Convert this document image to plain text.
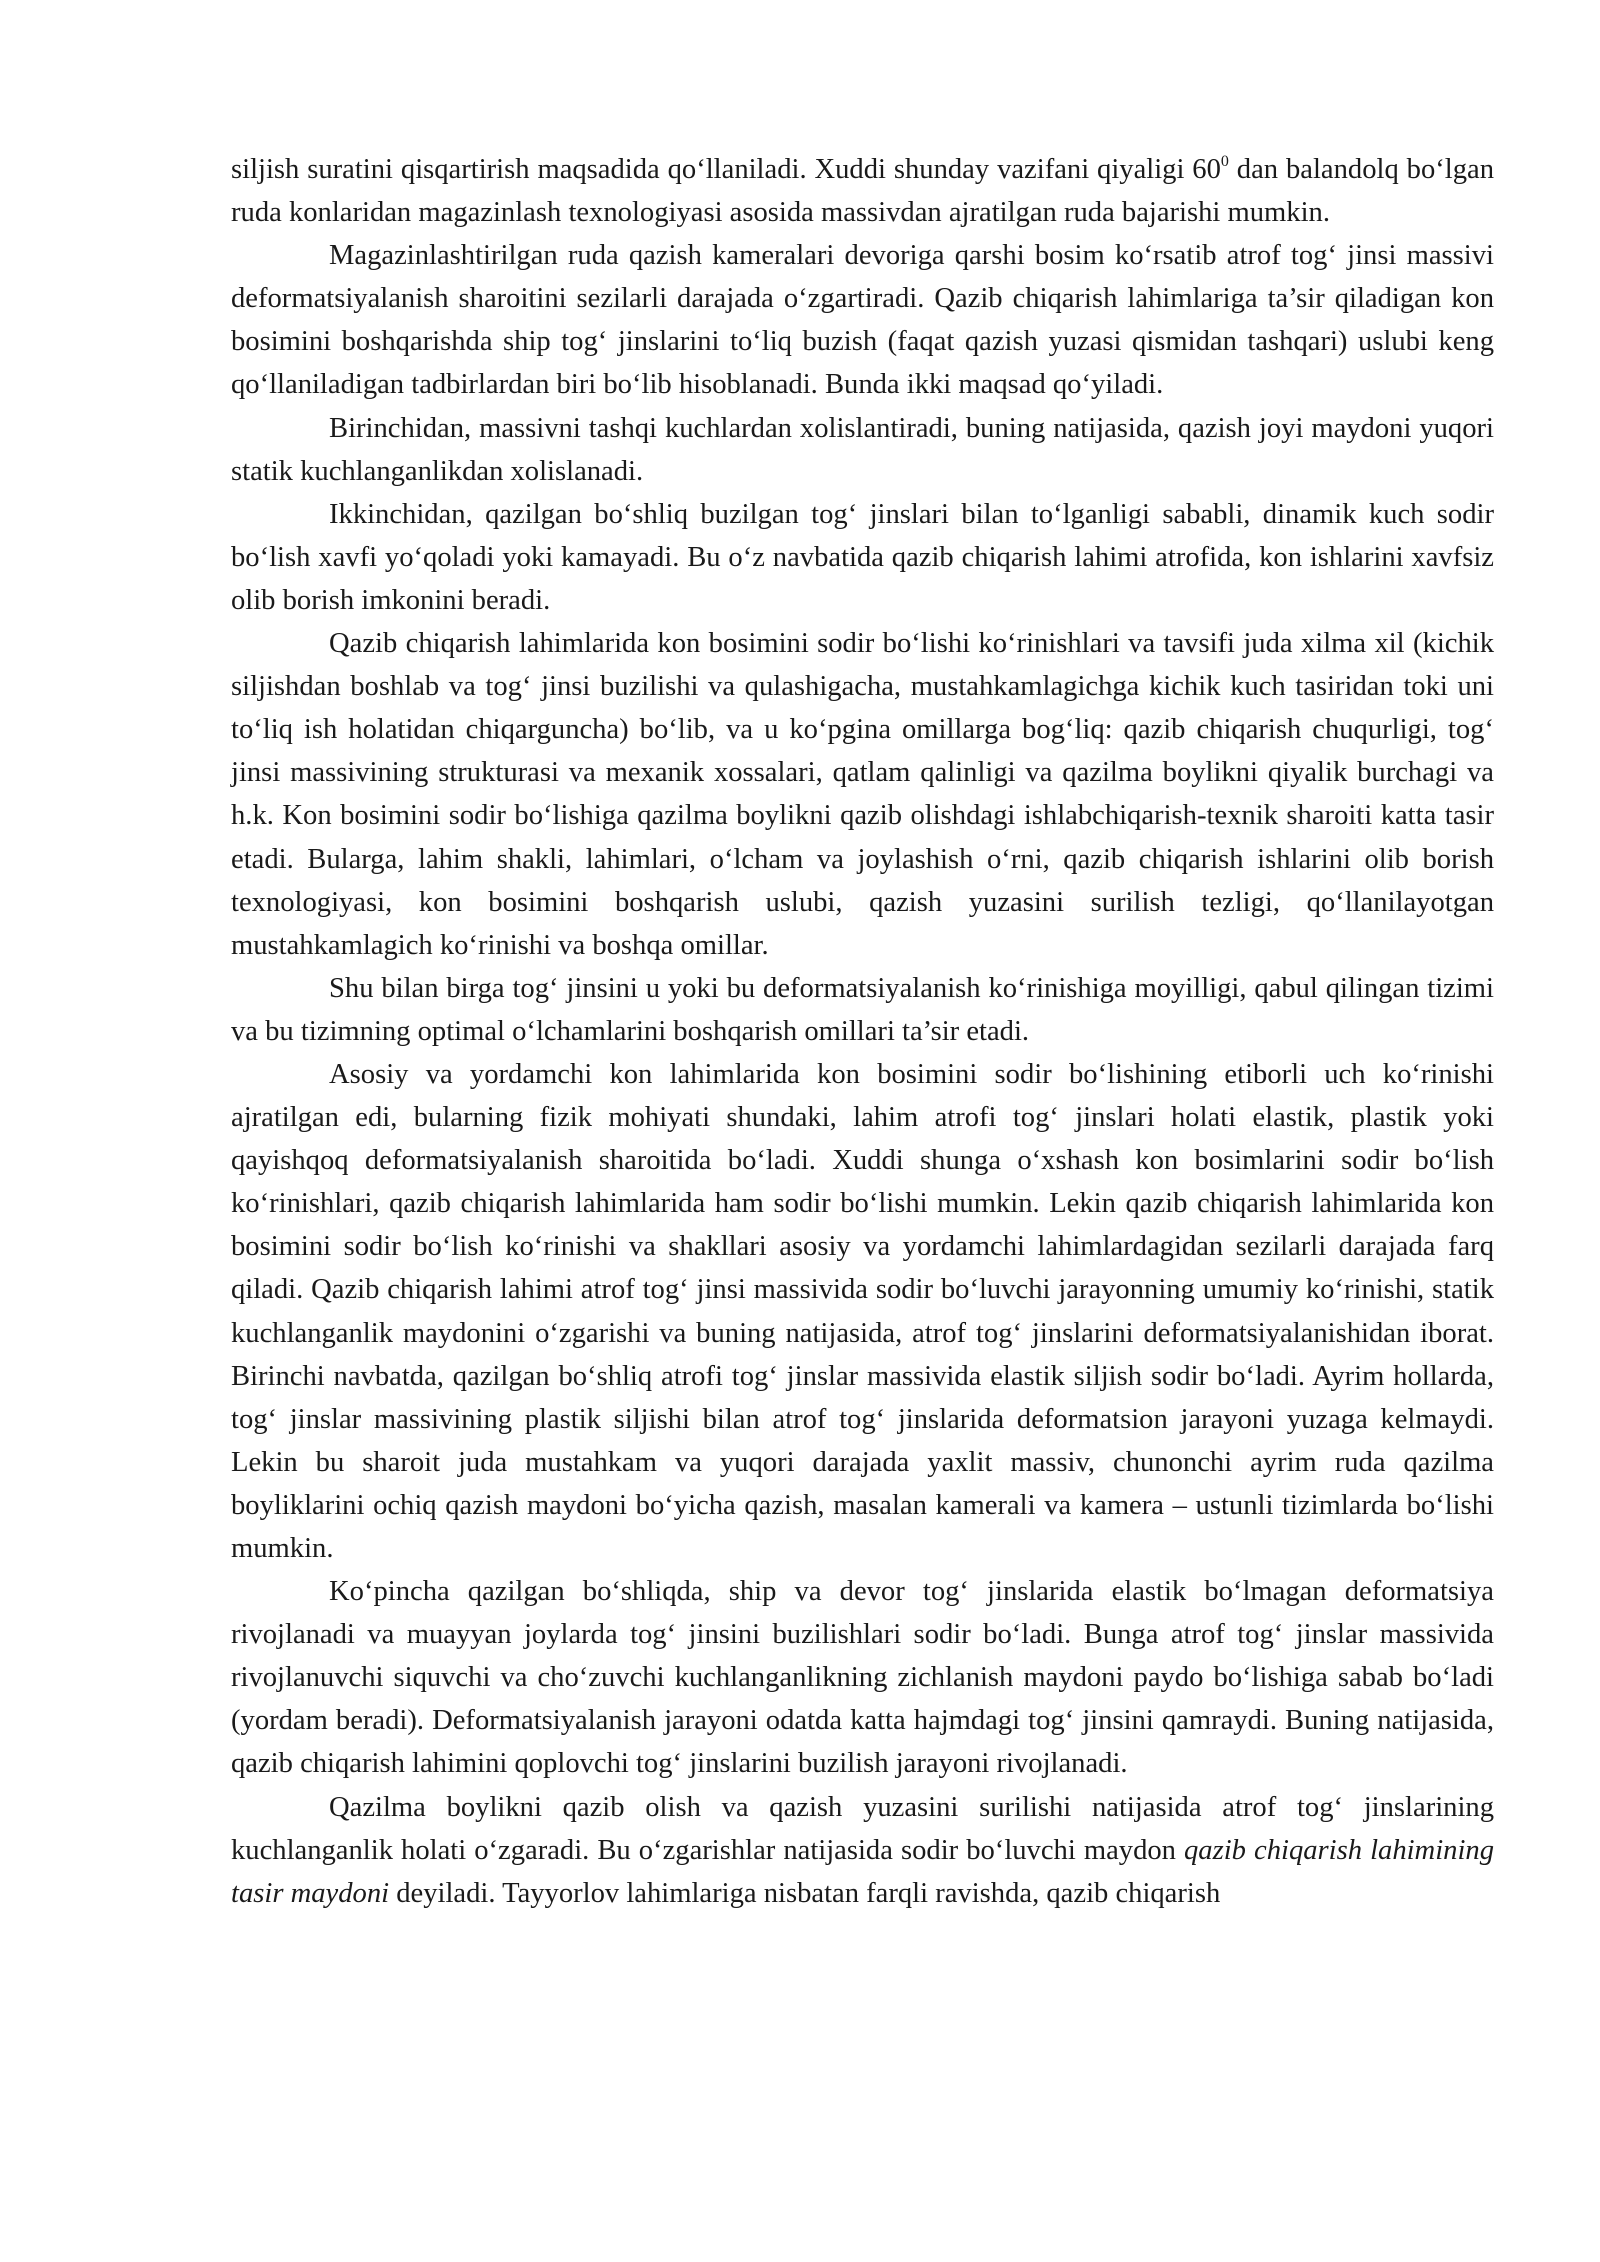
siljish suratini qisqartirish maqsadida qo‘llaniladi. Xuddi shunday vazifani qiyaligi $60^0$ dan balandolq bo‘lgan ruda konlaridan magazinlash texnologiyasi asosida massivdan ajratilgan ruda bajarishi mumkin.

Magazinlashtirilgan ruda qazish kameralari devoriga qarshi bosim ko‘rsatib atrof tog‘ jinsi massivi deformatsiyalanish sharoitini sezilarli darajada o‘zgartiradi. Qazib chiqarish lahimlariga ta’sir qiladigan kon bosimini boshqarishda ship tog‘ jinslarini to‘liq buzish (faqat qazish yuzasi qismidan tashqari) uslubi keng qo‘llaniladigan tadbirlardan biri bo‘lib hisoblanadi. Bunda ikki maqsad qo‘yiladi.

Birinchidan, massivni tashqi kuchlardan xolislantiradi, buning natijasida, qazish joyi maydoni yuqori statik kuchlanganlikdan xolislanadi.

Ikkinchidan, qazilgan bo‘shliq buzilgan tog‘ jinslari bilan to‘lganligi sababli, dinamik kuch sodir bo‘lish xavfi yo‘qoladi yoki kamayadi. Bu o‘z navbatida qazib chiqarish lahimi atrofida, kon ishlarini xavfsiz olib borish imkonini beradi.

Qazib chiqarish lahimlarida kon bosimini sodir bo‘lishi ko‘rinishlari va tavsifi juda xilma xil (kichik siljishdan boshlab va tog‘ jinsi buzilishi va qulashigacha, mustahkamlagichga kichik kuch tasiridan toki uni to‘liq ish holatidan chiqarguncha) bo‘lib, va u ko‘pgina omillarga bog‘liq: qazib chiqarish chuqurligi, tog‘ jinsi massivining strukturasi va mexanik xossalari, qatlam qalinligi va qazilma boylikni qiyalik burchagi va h.k. Kon bosimini sodir bo‘lishiga qazilma boylikni qazib olishdagi ishlabchiqarish-texnik sharoiti katta tasir etadi. Bularga, lahim shakli, lahimlari, o‘lcham va joylashish o‘rni, qazib chiqarish ishlarini olib borish texnologiyasi, kon bosimini boshqarish uslubi, qazish yuzasini surilish tezligi, qo‘llanilayotgan mustahkamlagich ko‘rinishi va boshqa omillar.

Shu bilan birga tog‘ jinsini u yoki bu deformatsiyalanish ko‘rinishiga moyilligi, qabul qilingan tizimi va bu tizimning optimal o‘lchamlarini boshqarish omillari ta’sir etadi.

Asosiy va yordamchi kon lahimlarida kon bosimini sodir bo‘lishining etiborli uch ko‘rinishi ajratilgan edi, bularning fizik mohiyati shundaki, lahim atrofi tog‘ jinslari holati elastik, plastik yoki qayishqoq deformatsiyalanish sharoitida bo‘ladi. Xuddi shunga o‘xshash kon bosimlarini sodir bo‘lish ko‘rinishlari, qazib chiqarish lahimlarida ham sodir bo‘lishi mumkin. Lekin qazib chiqarish lahimlarida kon bosimini sodir bo‘lish ko‘rinishi va shakllari asosiy va yordamchi lahimlardagidan sezilarli darajada farq qiladi. Qazib chiqarish lahimi atrof tog‘ jinsi massivida sodir bo‘luvchi jarayonning umumiy ko‘rinishi, statik kuchlanganlik maydonini o‘zgarishi va buning natijasida, atrof tog‘ jinslarini deformatsiyalanishidan iborat. Birinchi navbatda, qazilgan bo‘shliq atrofi tog‘ jinslar massivida elastik siljish sodir bo‘ladi. Ayrim hollarda, tog‘ jinslar massivining plastik siljishi bilan atrof tog‘ jinslarida deformatsion jarayoni yuzaga kelmaydi. Lekin bu sharoit juda mustahkam va yuqori darajada yaxlit massiv, chunonchi ayrim ruda qazilma boyliklarini ochiq qazish maydoni bo‘yicha qazish, masalan kamerali va kamera – ustunli tizimlarda bo‘lishi mumkin.

Ko‘pincha qazilgan bo‘shliqda, ship va devor tog‘ jinslarida elastik bo‘lmagan deformatsiya rivojlanadi va muayyan joylarda tog‘ jinsini buzilishlari sodir bo‘ladi. Bunga atrof tog‘ jinslar massivida rivojlanuvchi siquvchi va cho‘zuvchi kuchlanganlikning zichlanish maydoni paydo bo‘lishiga sabab bo‘ladi (yordam beradi). Deformatsiyalanish jarayoni odatda katta hajmdagi tog‘ jinsini qamraydi. Buning natijasida, qazib chiqarish lahimini qoplovchi tog‘ jinslarini buzilish jarayoni rivojlanadi.

Qazilma boylikni qazib olish va qazish yuzasini surilishi natijasida atrof tog‘ jinslarining kuchlanganlik holati o‘zgaradi. Bu o‘zgarishlar natijasida sodir bo‘luvchi maydon qazib chiqarish lahimining tasir maydoni deyiladi. Tayyorlov lahimlariga nisbatan farqli ravishda, qazib chiqarish
